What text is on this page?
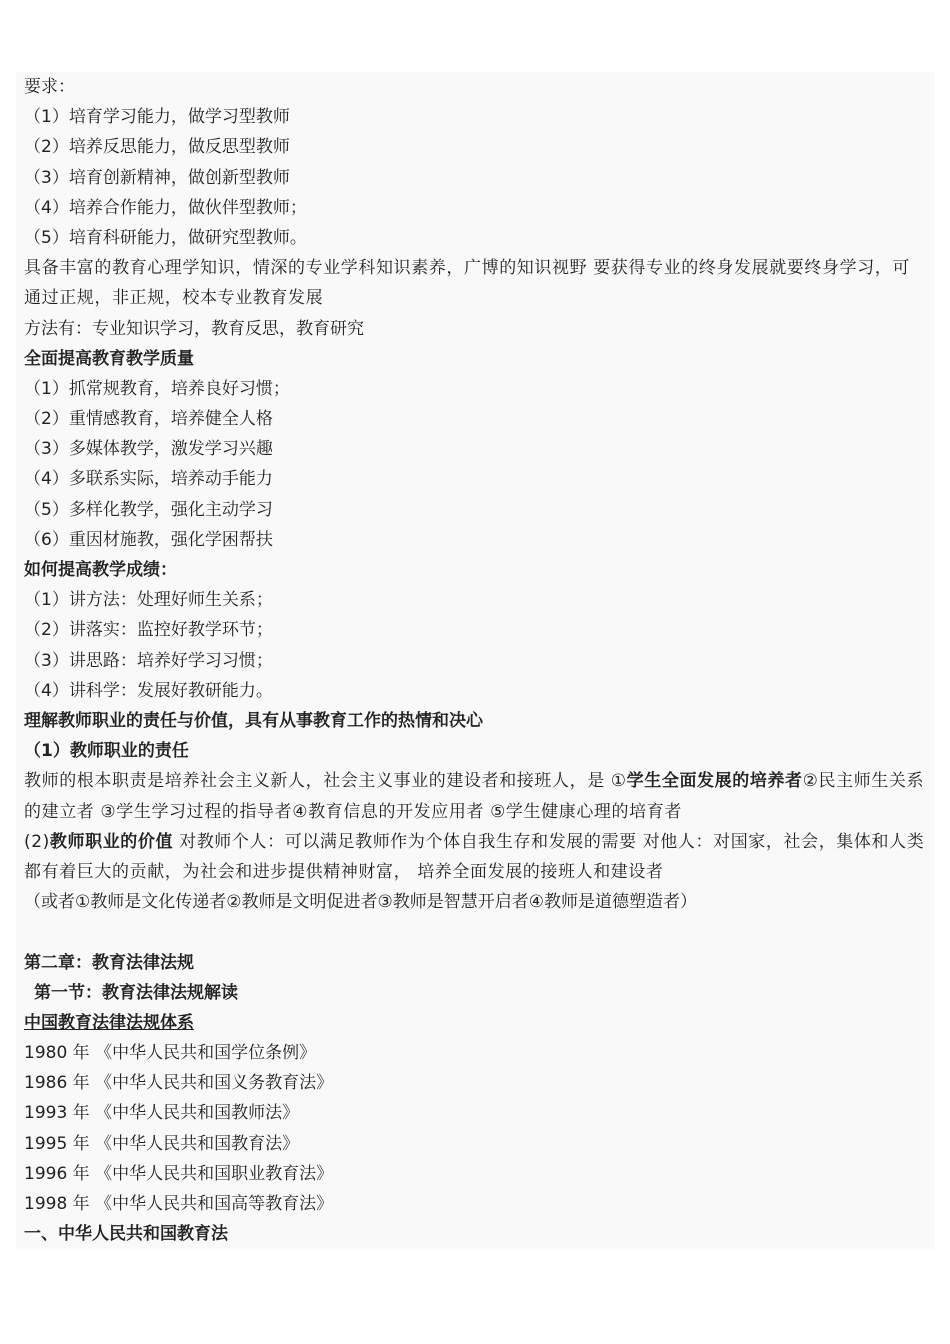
要求：
（1）培育学习能力，做学习型教师
（2）培养反思能力，做反思型教师
（3）培育创新精神，做创新型教师
（4）培养合作能力，做伙伴型教师；
（5）培育科研能力，做研究型教师。
具备丰富的教育心理学知识，情深的专业学科知识素养，广博的知识视野 要获得专业的终身发展就要终身学习，可通过正规，非正规，校本专业教育发展
方法有：专业知识学习，教育反思，教育研究
全面提高教育教学质量
（1）抓常规教育，培养良好习惯；
（2）重情感教育，培养健全人格
（3）多媒体教学，激发学习兴趣
（4）多联系实际，培养动手能力
（5）多样化教学，强化主动学习
（6）重因材施教，强化学困帮扶
如何提高教学成绩：
（1）讲方法：处理好师生关系；
（2）讲落实：监控好教学环节；
（3）讲思路：培养好学习习惯；
（4）讲科学：发展好教研能力。
理解教师职业的责任与价值，具有从事教育工作的热情和决心
（1）教师职业的责任
教师的根本职责是培养社会主义新人，社会主义事业的建设者和接班人，是 ①学生全面发展的培养者②民主师生关系的建立者 ③学生学习过程的指导者④教育信息的开发应用者 ⑤学生健康心理的培育者
(2)教师职业的价值 对教师个人：可以满足教师作为个体自我生存和发展的需要 对他人：对国家，社会，集体和人类都有着巨大的贡献，为社会和进步提供精神财富， 培养全面发展的接班人和建设者
（或者①教师是文化传递者②教师是文明促进者③教师是智慧开启者④教师是道德塑造者）
第二章：教育法律法规
第一节：教育法律法规解读
中国教育法律法规体系
1980 年 《中华人民共和国学位条例》
1986 年 《中华人民共和国义务教育法》
1993 年 《中华人民共和国教师法》
1995 年 《中华人民共和国教育法》
1996 年 《中华人民共和国职业教育法》
1998 年 《中华人民共和国高等教育法》
一、中华人民共和国教育法
